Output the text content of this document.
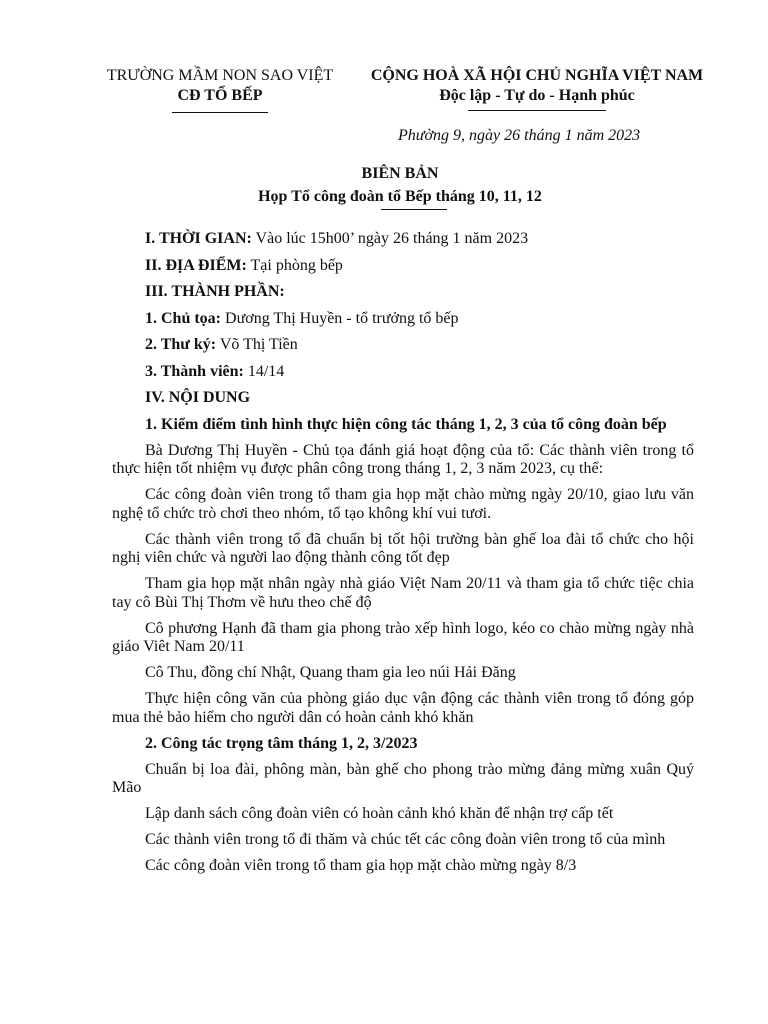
TRƯỜNG MẦM NON SAO VIỆT
CĐ TỔ BẾP
CỘNG HOÀ XÃ HỘI CHỦ NGHĨA VIỆT NAM
Độc lập - Tự do - Hạnh phúc
Phường 9, ngày 26 tháng 1 năm 2023
BIÊN BẢN
Họp Tổ công đoàn tổ Bếp tháng 10, 11, 12

I. THỜI GIAN: Vào lúc 15h00’ ngày 26 tháng 1 năm 2023

II. ĐỊA ĐIỂM: Tại phòng bếp

III. THÀNH PHẦN:

1. Chủ tọa: Dương Thị Huyền - tổ trưởng tổ bếp

2. Thư ký: Võ Thị Tiền

3. Thành viên: 14/14

IV. NỘI DUNG

1. Kiểm điểm tình hình thực hiện công tác tháng 1, 2, 3 của tổ công đoàn bếp

Bà Dương Thị Huyền - Chủ tọa đánh giá hoạt động của tổ: Các thành viên trong tổ thực hiện tốt nhiệm vụ được phân công trong tháng 1, 2, 3 năm 2023, cụ thể:

Các công đoàn viên trong tổ tham gia họp mặt chào mừng ngày 20/10, giao lưu văn nghệ tổ chức trò chơi theo nhóm, tổ tạo không khí vui tươi.

Các thành viên trong tổ đã chuẩn bị tốt hội trường bàn ghế loa đài tổ chức cho hội nghị viên chức và người lao động thành công tốt đẹp

Tham gia họp mặt nhân ngày nhà giáo Việt Nam 20/11 và tham gia tổ chức tiệc chia tay cô Bùi Thị Thơm về hưu theo chế độ

Cô phương Hạnh đã tham gia phong trào xếp hình logo, kéo co chào mừng ngày nhà giáo Viêt Nam 20/11

Cô Thu, đồng chí Nhật, Quang tham gia leo núi Hải Đăng

Thực hiện công văn của phòng giáo dục vận động các thành viên trong tổ đóng góp mua thẻ bảo hiểm cho người dân có hoàn cảnh khó khăn

2. Công tác trọng tâm tháng 1, 2, 3/2023

Chuẩn bị loa đài, phông màn, bàn ghế cho phong trào mừng đảng mừng xuân Quý Mão

Lập danh sách công đoàn viên có hoàn cảnh khó khăn để nhận trợ cấp tết

Các thành viên trong tổ đi thăm và chúc tết các công đoàn viên trong tổ của mình

Các công đoàn viên trong tổ tham gia họp mặt chào mừng ngày 8/3
